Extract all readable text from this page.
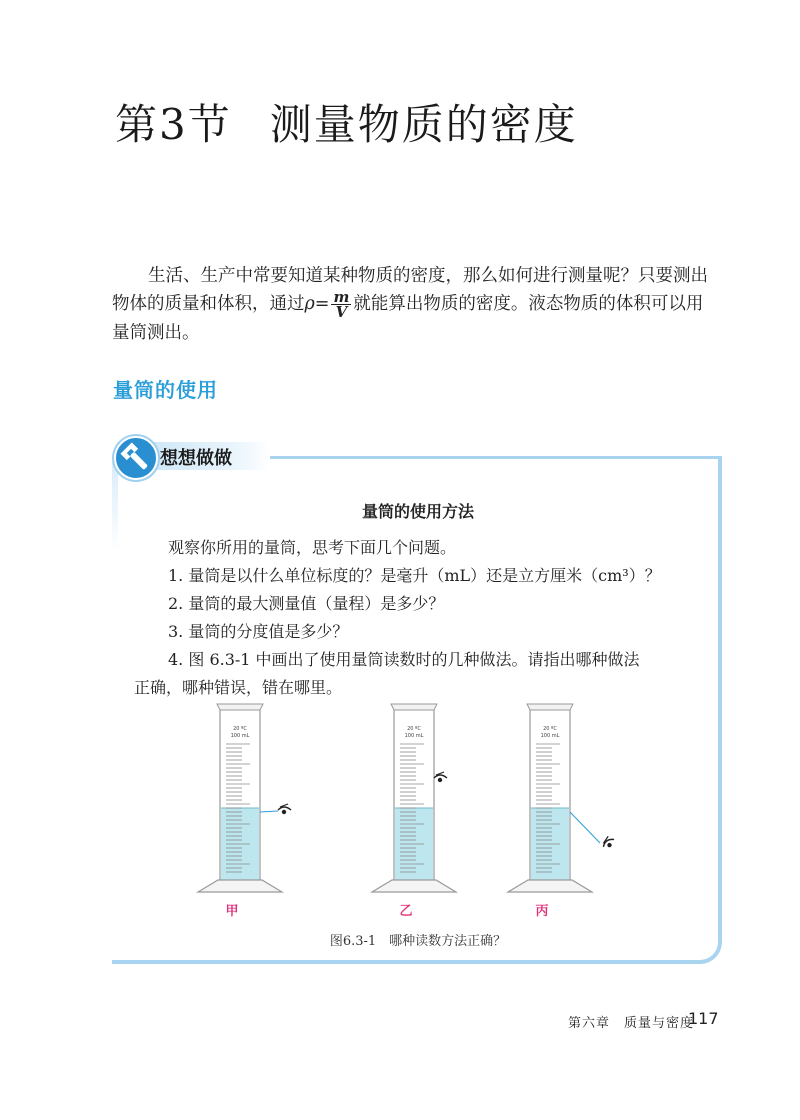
第3节 测量物质的密度
生活、生产中常要知道某种物质的密度，那么如何进行测量呢？只要测出
物体的质量和体积，通过$\rho= \frac{m}{V}$ 就能算出物质的密度。液态物质的体积可以用
量筒测出。
量筒的使用
想想做做
量筒的使用方法
观察你所用的量筒，思考下面几个问题。
1. 量筒是以什么单位标度的？是毫升（mL）还是立方厘米（cm³）？
2. 量筒的最大测量值（量程）是多少？
3. 量筒的分度值是多少？
4. 图 6.3-1 中画出了使用量筒读数时的几种做法。请指出哪种做法
正确，哪种错误，错在哪里。
20 ºC
100 mL
20 ºC
100 mL
20 ºC
100 mL
甲	乙	丙
图6.3-1　哪种读数方法正确？
第六章　质量与密度
117
